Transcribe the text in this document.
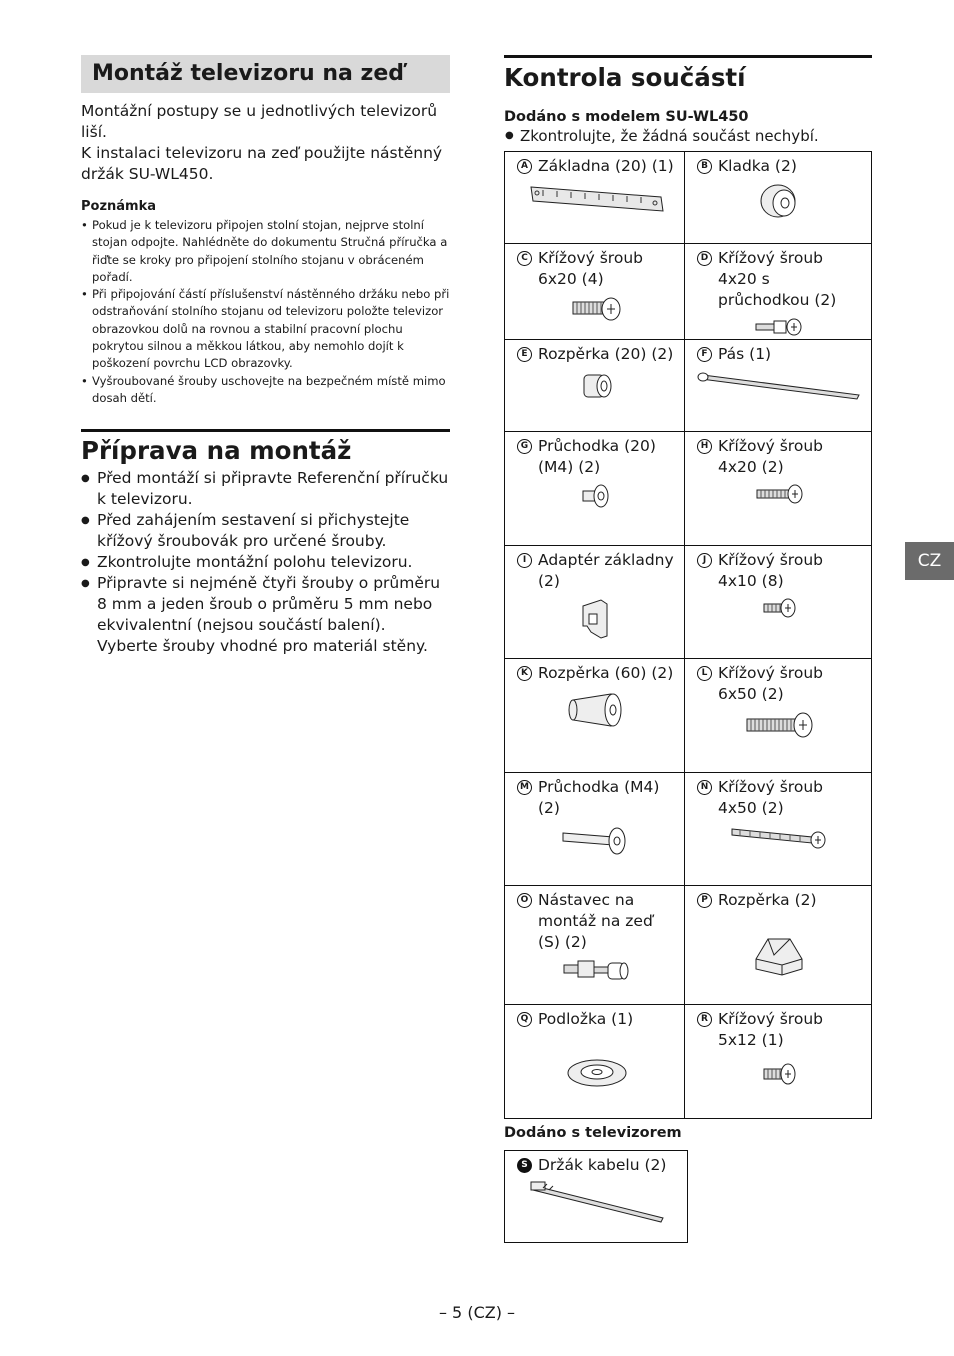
Montáž televizoru na zeď

Montážní postupy se u jednotlivých televizorů liší.
K instalaci televizoru na zeď použijte nástěnný držák SU-WL450.

Poznámka
• Pokud je k televizoru připojen stolní stojan, nejprve stolní stojan odpojte. Nahlédněte do dokumentu Stručná příručka a řiďte se kroky pro připojení stolního stojanu v obráceném pořadí.
• Při připojování částí příslušenství nástěnného držáku nebo při odstraňování stolního stojanu od televizoru položte televizor obrazovkou dolů na rovnou a stabilní pracovní plochu pokrytou silnou a měkkou látkou, aby nemohlo dojít k poškození povrchu LCD obrazovky.
• Vyšroubované šrouby uschovejte na bezpečném místě mimo dosah dětí.
Příprava na montáž
● Před montáží si připravte Referenční příručku k televizoru.
● Před zahájením sestavení si přichystejte křížový šroubovák pro určené šrouby.
● Zkontrolujte montážní polohu televizoru.
● Připravte si nejméně čtyři šrouby o průměru 8 mm a jeden šroub o průměru 5 mm nebo ekvivalentní (nejsou součástí balení). Vyberte šrouby vhodné pro materiál stěny.
Kontrola součástí
Dodáno s modelem SU-WL450
● Zkontrolujte, že žádná součást nechybí.
A Základna (20) (1)	B Kladka (2)

C Křížový šroub 6x20 (4)	D Křížový šroub 4x20 s průchodkou (2)

E Rozpěrka (20) (2)	F Pás (1)

G Průchodka (20) (M4) (2)	H Křížový šroub 4x20 (2)

I Adaptér základny (2)	J Křížový šroub 4x10 (8)

K Rozpěrka (60) (2)	L Křížový šroub 6x50 (2)

M Průchodka (M4) (2)	N Křížový šroub 4x50 (2)

O Nástavec na montáž na zeď (S) (2)	P Rozpěrka (2)

Q Podložka (1)	R Křížový šroub 5x12 (1)
Dodáno s televizorem
S Držák kabelu (2)
CZ
– 5 (CZ) –
